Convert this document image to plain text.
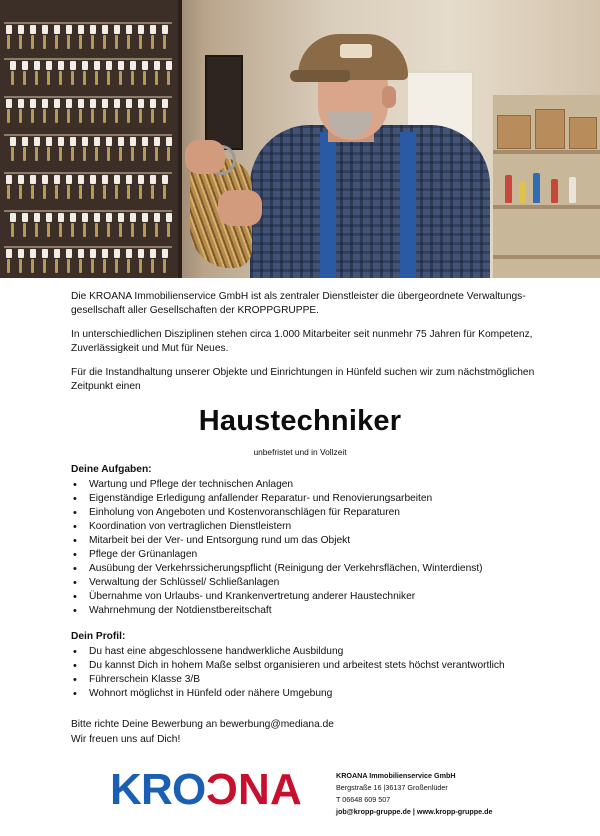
Die KROANA Immobilienservice GmbH ist als zentraler Dienstleister die übergeordnete Verwaltungs-gesellschaft aller Gesellschaften der KROPPGRUPPE.

In unterschiedlichen Disziplinen stehen circa 1.000 Mitarbeiter seit nunmehr 75 Jahren für Kompetenz, Zuverlässigkeit und Mut für Neues.

Für die Instandhaltung unserer Objekte und Einrichtungen in Hünfeld suchen wir zum nächstmöglichen Zeitpunkt einen

Haustechniker
unbefristet und in Vollzeit
Deine Aufgaben:
• Wartung und Pflege der technischen Anlagen
• Eigenständige Erledigung anfallender Reparatur- und Renovierungsarbeiten
• Einholung von Angeboten und Kostenvoranschlägen für Reparaturen
• Koordination von vertraglichen Dienstleistern
• Mitarbeit bei der Ver- und Entsorgung rund um das Objekt
• Pflege der Grünanlagen
• Ausübung der Verkehrssicherungspflicht (Reinigung der Verkehrsflächen, Winterdienst)
• Verwaltung der Schlüssel/ Schließanlagen
• Übernahme von Urlaubs- und Krankenvertretung anderer Haustechniker
• Wahrnehmung der Notdienstbereitschaft
Dein Profil:
• Du hast eine abgeschlossene handwerkliche Ausbildung
• Du kannst Dich in hohem Maße selbst organisieren und arbeitest stets höchst verantwortlich
• Führerschein Klasse 3/B
• Wohnort möglichst in Hünfeld oder nähere Umgebung
Bitte richte Deine Bewerbung an bewerbung@mediana.de
Wir freuen uns auf Dich!
K R O C N A	KROANA Immobilienservice GmbH
Bergstraße 16 |36137 Großenlüder
T 06648 609 507
job@kropp-gruppe.de | www.kropp-gruppe.de
